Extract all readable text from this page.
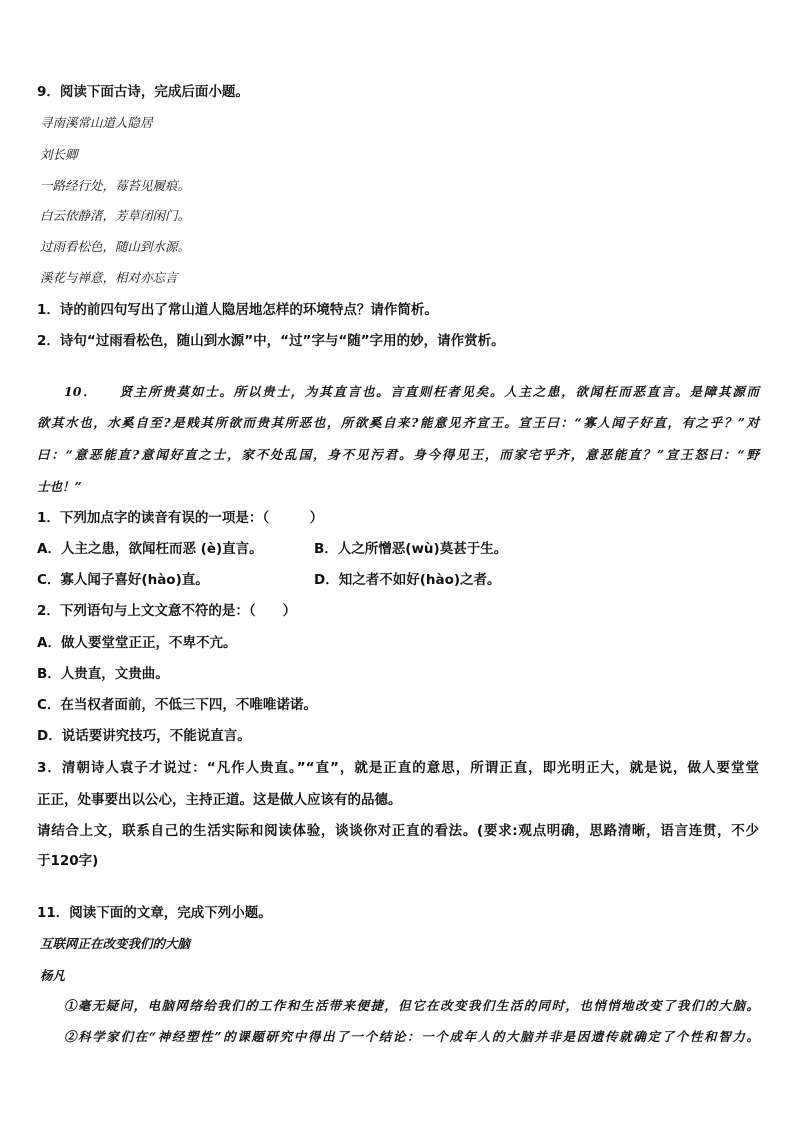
9．阅读下面古诗，完成后面小题。
寻南溪常山道人隐居
刘长卿
一路经行处，莓苔见履痕。
白云依静渚，芳草闭闲门。
过雨看松色，随山到水源。
溪花与禅意，相对亦忘言
1．诗的前四句写出了常山道人隐居地怎样的环境特点？请作简析。
2．诗句“过雨看松色，随山到水源”中，“过”字与“随”字用的妙，请作赏析。
10．　　贤主所贵莫如士。所以贵士，为其直言也。言直则枉者见矣。人主之患，欲闻枉而恶直言。是障其源而
欲其水也，水奚自至?是贱其所欲而贵其所恶也，所欲奚自来?能意见齐宣王。宣王曰：“寡人闻子好直，有之乎？”对
曰：“意恶能直?意闻好直之士，家不处乱国，身不见污君。身今得见王，而家宅乎齐，意恶能直？”宣王怒曰：“野
士也！”
1．下列加点字的读音有误的一项是：（　　　）
A．人主之患，欲闻枉而恶 (è)直言。	B．人之所憎恶(wù)莫甚于生。
C．寡人闻子喜好(hào)直。	D．知之者不如好(hào)之者。
2．下列语句与上文文意不符的是：（　　）
A．做人要堂堂正正，不卑不亢。
B．人贵直，文贵曲。
C．在当权者面前，不低三下四，不唯唯诺诺。
D．说话要讲究技巧，不能说直言。
3．清朝诗人袁子才说过：“凡作人贵直。”“直”，就是正直的意思，所谓正直，即光明正大，就是说，做人要堂堂
正正，处事要出以公心，主持正道。这是做人应该有的品德。
请结合上文，联系自己的生活实际和阅读体验，谈谈你对正直的看法。(要求:观点明确，思路清晰，语言连贯，不少
于120字)
11．阅读下面的文章，完成下列小题。
互联网正在改变我们的大脑
杨凡
①毫无疑问，电脑网络给我们的工作和生活带来便捷，但它在改变我们生活的同时，也悄悄地改变了我们的大脑。
②科学家们在“神经塑性”的课题研究中得出了一个结论：一个成年人的大脑并非是因遗传就确定了个性和智力。
